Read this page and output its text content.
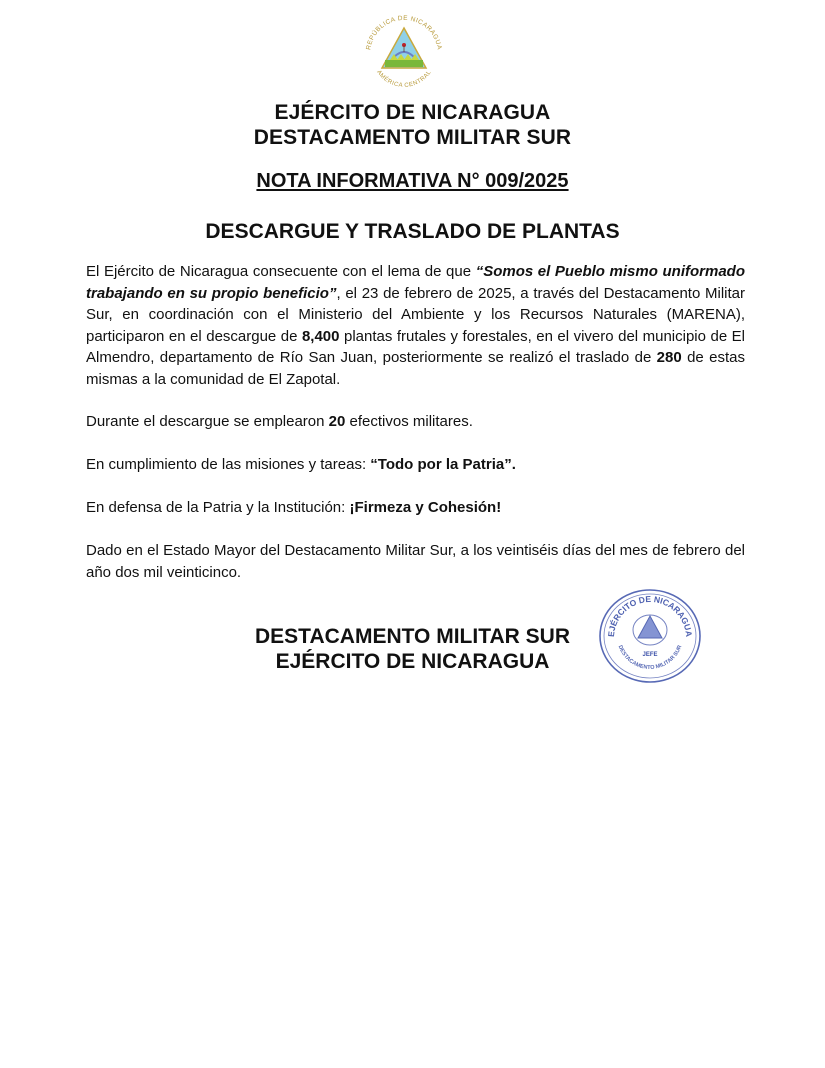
REPÚBLICA DE NICARAGUA
AMÉRICA CENTRAL
EJÉRCITO DE NICARAGUA
DESTACAMENTO MILITAR SUR
NOTA INFORMATIVA N° 009/2025
DESCARGUE Y TRASLADO DE PLANTAS
El Ejército de Nicaragua consecuente con el lema de que “Somos el Pueblo mismo uniformado trabajando en su propio beneficio”, el 23 de febrero de 2025, a través del Destacamento Militar Sur, en coordinación con el Ministerio del Ambiente y los Recursos Naturales (MARENA), participaron en el descargue de 8,400 plantas frutales y forestales, en el vivero del municipio de El Almendro, departamento de Río San Juan, posteriormente se realizó el traslado de 280 de estas mismas a la comunidad de El Zapotal.
Durante el descargue se emplearon 20 efectivos militares.
En cumplimiento de las misiones y tareas: “Todo por la Patria”.
En defensa de la Patria y la Institución: ¡Firmeza y Cohesión!
Dado en el Estado Mayor del Destacamento Militar Sur, a los veintiséis días del mes de febrero del año dos mil veinticinco.
DESTACAMENTO MILITAR SUR
EJÉRCITO DE NICARAGUA
EJÉRCITO DE NICARAGUA
DESTACAMENTO MILITAR SUR
JEFE
